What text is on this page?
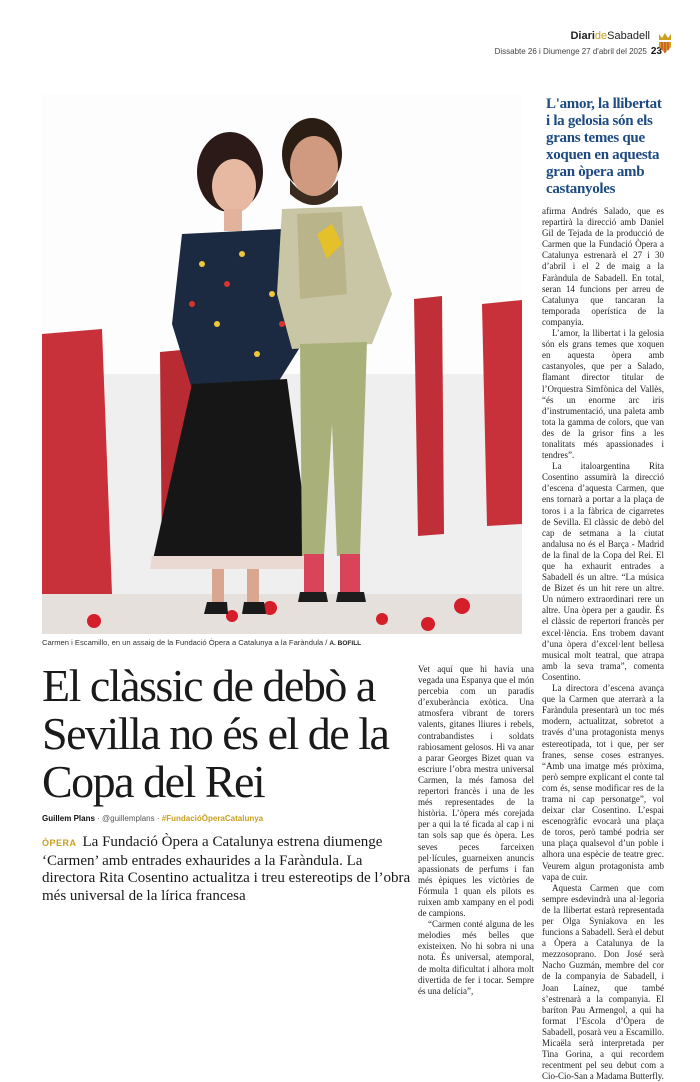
DiarideSabadell
Dissabte 26 i Diumenge 27 d'abril del 2025 23
Carmen i Escamillo, en un assaig de la Fundació Òpera a Catalunya a la Faràndula / A. BOFILL
L'amor, la llibertat i la gelosia són els grans temes que xoquen en aquesta gran òpera amb castanyoles

afirma Andrés Salado, que es repartirà la direcció amb Daniel Gil de Tejada de la producció de Carmen que la Fundació Òpera a Catalunya estrenarà el 27 i 30 d’abril i el 2 de maig a la Faràndula de Sabadell. En total, seran 14 funcions per arreu de Catalunya que tancaran la temporada operística de la companyia.

L’amor, la llibertat i la gelosia són els grans temes que xoquen en aquesta òpera amb castanyoles, que per a Salado, flamant director titular de l’Orquestra Simfònica del Vallès, “és un enorme arc iris d’instrumentació, una paleta amb tota la gamma de colors, que van des de la grisor fins a les tonalitats més apassionades i tendres”.

La italoargentina Rita Cosentino assumirà la direcció d’escena d’aquesta Carmen, que ens tornarà a portar a la plaça de toros i a la fàbrica de cigarretes de Sevilla. El clàssic de debò del cap de setmana a la ciutat andalusa no és el Barça - Madrid de la final de la Copa del Rei. El que ha exhaurit entrades a Sabadell és un altre. “La música de Bizet és un hit rere un altre. Un número extraordinari rere un altre. Una òpera per a gaudir. És el clàssic de repertori francès per excel·lència. Ens trobem davant d’una òpera d’excel·lent bellesa musical molt teatral, que atrapa amb la seva trama”, comenta Cosentino.

La directora d’escena avança que la Carmen que aterrarà a la Faràndula presentarà un toc més modern, actualitzat, sobretot a través d’una protagonista menys estereotipada, tot i que, per ser franes, sense coses estranyes. “Amb una imatge més pròxima, però sempre explicant el conte tal com és, sense modificar res de la trama ni cap personatge”, vol deixar clar Cosentino. L’espai escenogràfic evocarà una plaça de toros, però també podria ser una plaça qualsevol d’un poble i alhora una espècie de teatre grec. Veurem algun protagonista amb vapa de cuir.

Aquesta Carmen que com sempre esdevindrà una al·legoria de la llibertat estarà representada per Olga Syniakova en les funcions a Sabadell. Serà el debut a Òpera a Catalunya de la mezzosoprano. Don José serà Nacho Guzmán, membre del cor de la companyia de Sabadell, i Joan Laínez, que també s’estrenarà a la companyia. El baríton Pau Armengol, a qui ha format l’Escola d’Òpera de Sabadell, posarà veu a Escamillo. Micaëla serà interpretada per Tina Gorina, a qui recordem recentment pel seu debut com a Cio-Cio-San a Madama Butterfly.

El clàssic de debò a Sevilla no és el de la Copa del Rei
Guillem Plans · @guillemplans · #FundacióÒperaCatalunya
ÒPERA La Fundació Òpera a Catalunya estrena diumenge ‘Carmen’ amb entrades exhaurides a la Faràndula. La directora Rita Cosentino actualitza i treu estereotips de l’obra més universal de la lírica francesa

Vet aquí que hi havia una vegada una Espanya que el món percebia com un paradís d’exuberància exòtica. Una atmosfera vibrant de torers valents, gitanes lliures i rebels, contrabandistes i soldats rabiosament gelosos. Hi va anar a parar Georges Bizet quan va escriure l’obra mestra universal Carmen, la més famosa del repertori francès i una de les més representades de la història. L’òpera més corejada per a qui la té ficada al cap i ni tan sols sap que és òpera. Les seves peces farceixen pel·lícules, guarneixen anuncis apassionats de perfums i fan més èpiques les victòries de Fórmula 1 quan els pilots es ruixen amb xampany en el podi de campions.

“Carmen conté alguna de les melodies més belles que existeixen. No hi sobra ni una nota. És universal, atemporal, de molta dificultat i alhora molt divertida de fer i tocar. Sempre és una delícia”,
